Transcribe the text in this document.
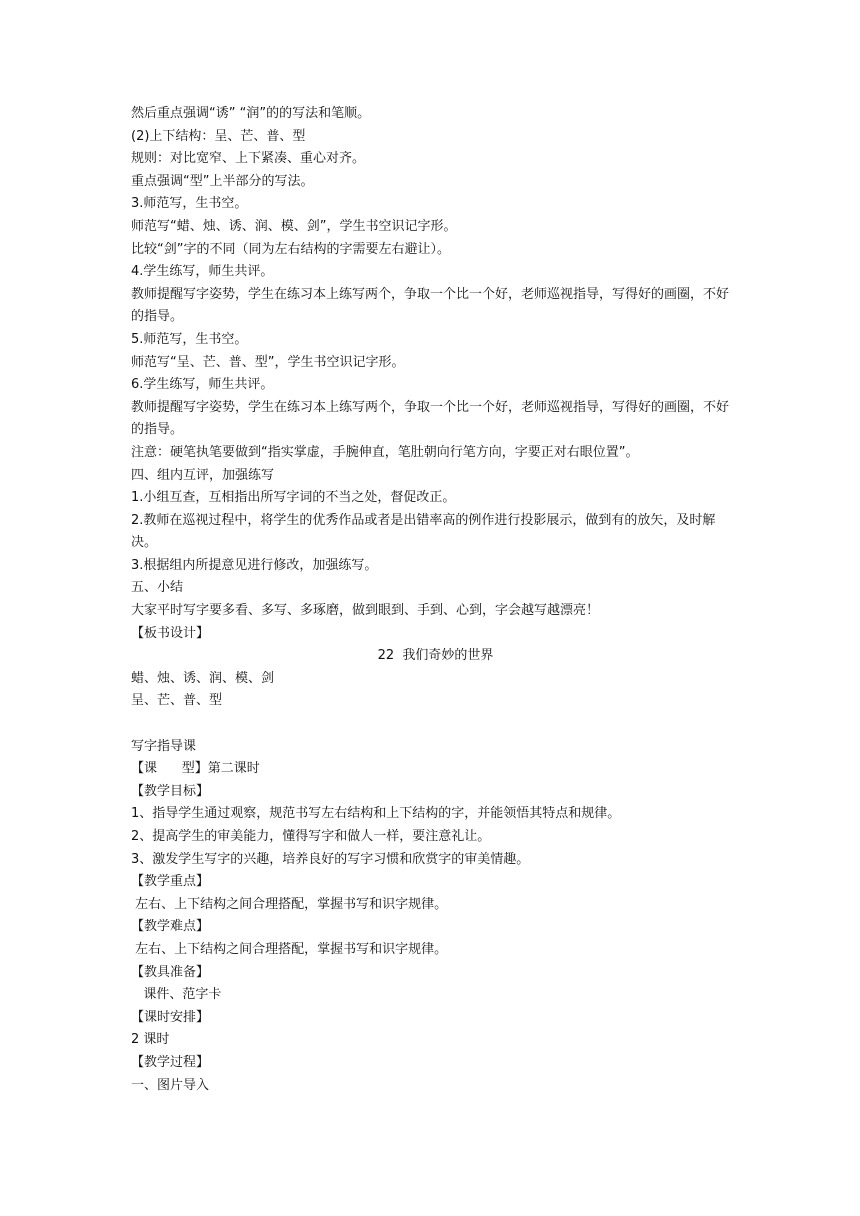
然后重点强调“诱” “润”的的写法和笔顺。
(2)上下结构：呈、芒、普、型
规则：对比宽窄、上下紧凑、重心对齐。
重点强调“型”上半部分的写法。
3.师范写，生书空。
师范写“蜡、烛、诱、润、模、剑”，学生书空识记字形。
比较“剑”字的不同（同为左右结构的字需要左右避让）。
4.学生练写，师生共评。
教师提醒写字姿势，学生在练习本上练写两个，争取一个比一个好，老师巡视指导，写得好的画圈，不好的指导。
5.师范写，生书空。
师范写“呈、芒、普、型”，学生书空识记字形。
6.学生练写，师生共评。
教师提醒写字姿势，学生在练习本上练写两个，争取一个比一个好，老师巡视指导，写得好的画圈，不好的指导。
注意：硬笔执笔要做到“指实掌虚，手腕伸直，笔肚朝向行笔方向，字要正对右眼位置”。
四、组内互评，加强练写
1.小组互查，互相指出所写字词的不当之处，督促改正。
2.教师在巡视过程中，将学生的优秀作品或者是出错率高的例作进行投影展示，做到有的放矢，及时解决。
3.根据组内所提意见进行修改，加强练写。
五、小结
大家平时写字要多看、多写、多琢磨，做到眼到、手到、心到，字会越写越漂亮！
【板书设计】
22  我们奇妙的世界
蜡、烛、诱、润、模、剑
呈、芒、普、型
写字指导课
【课      型】第二课时
【教学目标】
1、指导学生通过观察，规范书写左右结构和上下结构的字，并能领悟其特点和规律。
2、提高学生的审美能力，懂得写字和做人一样，要注意礼让。
3、激发学生写字的兴趣，培养良好的写字习惯和欣赏字的审美情趣。
【教学重点】
左右、上下结构之间合理搭配，掌握书写和识字规律。
【教学难点】
左右、上下结构之间合理搭配，掌握书写和识字规律。
【教具准备】
课件、范字卡
【课时安排】
2 课时
【教学过程】
一、图片导入
